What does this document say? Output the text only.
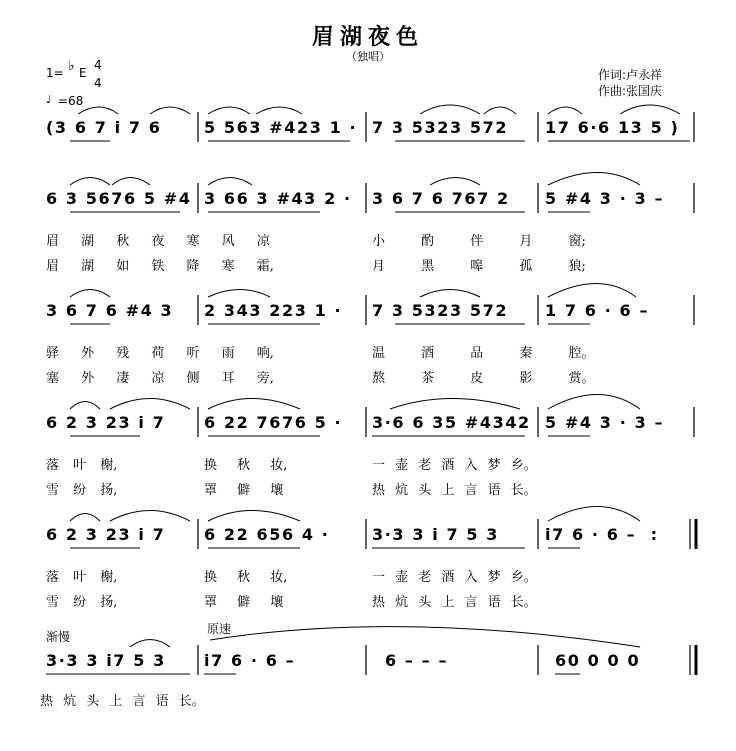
眉湖夜色
（独唱）
1= ♭ E
4
4
♩ =68
作词:卢永祥
作曲:张国庆
渐慢
原速
(3 6 7 i 7 6	5 563 #423 1 · 7 3 5323 572 17 6·6 13 5 )
6 3 5676 5 #4 3 66 3 #43 2 · 3 6 7 6 767 2 5 #4 3 · 3 –
眉 湖 秋 夜 寒 风 凉	小 酌 伴 月 窗;
眉 湖 如 铁 降 寒 霜,	月 黑 嗥 孤 狼;
3 6 7 6 #4 3 2 343 223 1 · 7 3 5323 572 1 7 6 · 6 –
驿 外 残 荷 听 雨 响,	温 酒 品 秦 腔。
塞 外 凄 凉 侧 耳 旁,	熬 茶 皮 影 赏。
6 2 3 23 i 7 6 22 7676 5 · 3·6 6 35 #4342 5 #4 3 · 3 –
落 叶 榭,	换 秋 妆,	一 壶 老 酒 入 梦 乡。
雪 纷 扬,	罩 僻 壤	热 炕 头 上 言 语 长。
6 2 3 23 i 7 6 22 656 4 ·	3·3 3 i 7 5 3	i7 6 · 6 –  :
落 叶 榭,	换 秋 妆,	一 壶 老 酒 入 梦 乡。
雪 纷 扬,	罩 僻 壤	热 炕 头 上 言 语 长。
3·3 3 i7 5 3 i7 6 · 6 –	6 – – –	60 0 0 0
热 炕 头 上 言 语 长。
